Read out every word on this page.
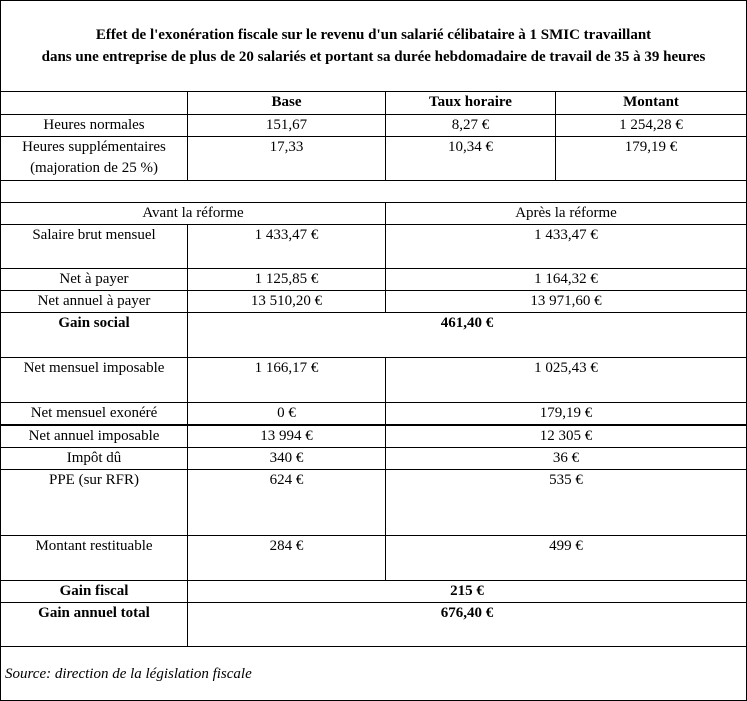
Effet de l'exonération fiscale sur le revenu d'un salarié célibataire à 1 SMIC travaillant
dans une entreprise de plus de 20 salariés et portant sa durée hebdomadaire de travail de 35 à 39 heures
	Base	Taux horaire	Montant
Heures normales	151,67	8,27 €	1 254,28 €

Heures supplémentaires
(majoration de 25 %)	17,33	10,34 €	179,19 €

Avant la réforme		Après la réforme	
Salaire brut mensuel	1 433,47 €	1 433,47 €	
Net à payer	1 125,85 €	1 164,32 €	
Net annuel à payer	13 510,20 €	13 971,60 €	
Gain social	461,40 €		
Net mensuel imposable	1 166,17 €	1 025,43 €	
Net mensuel exonéré	0 €	179,19 €	
Net annuel imposable	13 994 €	12 305 €	
Impôt dû	340 €	36 €	
PPE (sur RFR)	624 €	535 €	
Montant restituable	284 €	499 €	
Gain fiscal	215 €		
Gain annuel total	676,40 €		
Source: direction de la législation fiscale
